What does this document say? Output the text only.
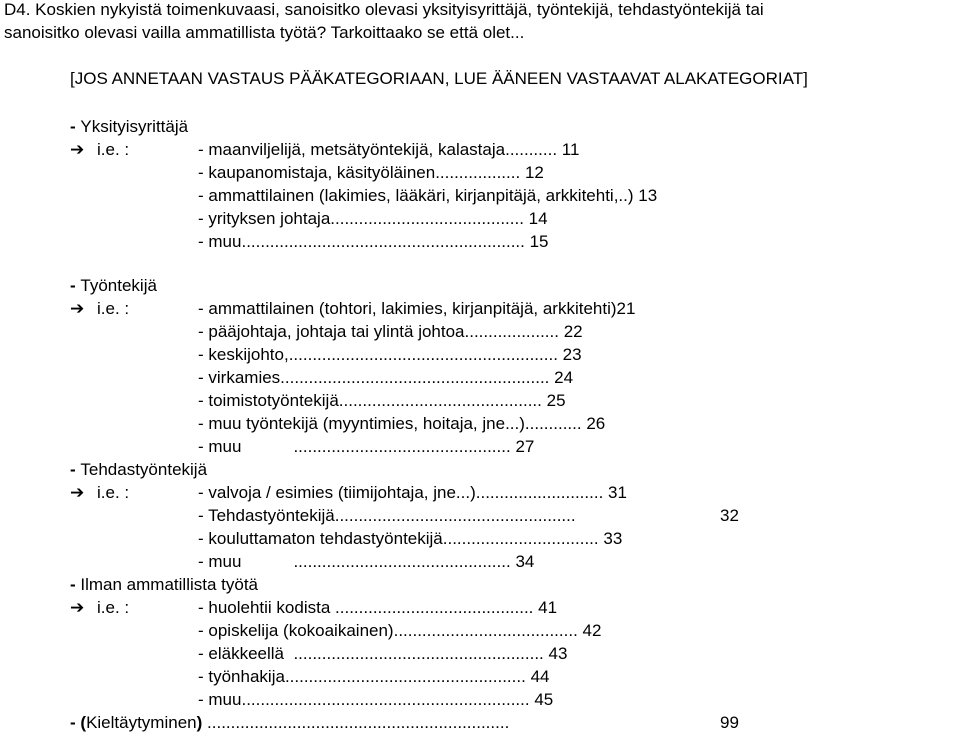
D4. Koskien nykyistä toimenkuvaasi, sanoisitko olevasi yksityisyrittäjä, työntekijä, tehdastyöntekijä tai
sanoisitko olevasi vailla ammatillista työtä? Tarkoittaako se että olet...
[JOS ANNETAAN VASTAUS PÄÄKATEGORIAAN, LUE ÄÄNEEN VASTAAVAT ALAKATEGORIAT]
- Yksityisyrittäjä
➔ i.e. :	- maanviljelijä, metsätyöntekijä, kalastaja........... 11
- kaupanomistaja, käsityöläinen.................. 12
- ammattilainen (lakimies, lääkäri, kirjanpitäjä, arkkitehti,..) 13
- yrityksen johtaja......................................... 14
- muu............................................................ 15
- Työntekijä
➔ i.e. :	- ammattilainen (tohtori, lakimies, kirjanpitäjä, arkkitehti)21
- pääjohtaja, johtaja tai ylintä johtoa.................... 22
- keskijohto,......................................................... 23
- virkamies......................................................... 24
- toimistotyöntekijä........................................... 25
- muu työntekijä (myyntimies, hoitaja, jne...)............ 26
- muu	.............................................. 27
- Tehdastyöntekijä
➔ i.e. :	- valvoja / esimies (tiimijohtaja, jne...)........................... 31
- Tehdastyöntekijä...................................................	32
- kouluttamaton tehdastyöntekijä................................. 33
- muu	.............................................. 34
- Ilman ammatillista työtä
➔ i.e. :	- huolehtii kodista .......................................... 41
- opiskelija (kokoaikainen)....................................... 42
- eläkkeellä  ..................................................... 43
- työnhakija................................................... 44
- muu............................................................. 45
- (Kieltäytyminen) ................................................................	99
